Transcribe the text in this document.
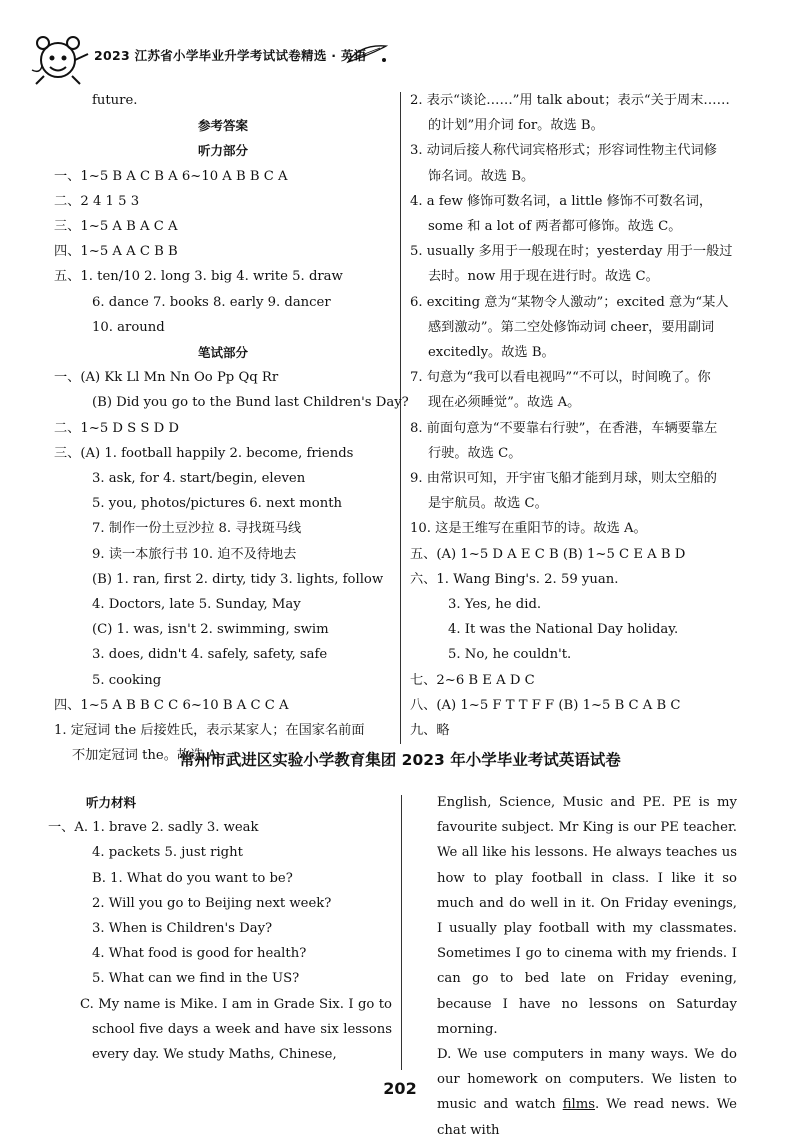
2023 江苏省小学毕业升学考试试卷精选 · 英语
future.
参考答案
听力部分
一、1~5 B A C B A 6~10 A B B C A
二、2 4 1 5 3
三、1~5 A B A C A
四、1~5 A A C B B
五、1. ten/10 2. long 3. big 4. write 5. draw
6. dance 7. books 8. early 9. dancer
10. around
笔试部分
一、(A) Kk Ll Mn Nn Oo Pp Qq Rr
(B) Did you go to the Bund last Children's Day?
二、1~5 D S S D D
三、(A) 1. football happily 2. become, friends
3. ask, for 4. start/begin, eleven
5. you, photos/pictures 6. next month
7. 制作一份土豆沙拉 8. 寻找斑马线
9. 读一本旅行书 10. 迫不及待地去
(B) 1. ran, first 2. dirty, tidy 3. lights, follow
4. Doctors, late 5. Sunday, May
(C) 1. was, isn't 2. swimming, swim
3. does, didn't 4. safely, safety, safe
5. cooking
四、1~5 A B B C C 6~10 B A C C A
1. 定冠词 the 后接姓氏，表示某家人；在国家名前面
不加定冠词 the。故选 A。
2. 表示“谈论……”用 talk about；表示“关于周末……
的计划”用介词 for。故选 B。
3. 动词后接人称代词宾格形式；形容词性物主代词修
饰名词。故选 B。
4. a few 修饰可数名词，a little 修饰不可数名词，
some 和 a lot of 两者都可修饰。故选 C。
5. usually 多用于一般现在时；yesterday 用于一般过
去时。now 用于现在进行时。故选 C。
6. exciting 意为“某物令人激动”；excited 意为“某人
感到激动”。第二空处修饰动词 cheer，要用副词
excitedly。故选 B。
7. 句意为“我可以看电视吗”“不可以，时间晚了。你
现在必须睡觉”。故选 A。
8. 前面句意为“不要靠右行驶”，在香港，车辆要靠左
行驶。故选 C。
9. 由常识可知，开宇宙飞船才能到月球，则太空船的
是宇航员。故选 C。
10. 这是王维写在重阳节的诗。故选 A。
五、(A) 1~5 D A E C B (B) 1~5 C E A B D
六、1. Wang Bing's. 2. 59 yuan.
3. Yes, he did.
4. It was the National Day holiday.
5. No, he couldn't.
七、2~6 B E A D C
八、(A) 1~5 F T T F F (B) 1~5 B C A B C
九、略
常州市武进区实验小学教育集团 2023 年小学毕业考试英语试卷
听力材料
一、A. 1. brave 2. sadly 3. weak
4. packets 5. just right
B. 1. What do you want to be?
2. Will you go to Beijing next week?
3. When is Children's Day?
4. What food is good for health?
5. What can we find in the US?
C. My name is Mike. I am in Grade Six. I go to school five days a week and have six lessons every day. We study Maths, Chinese,
English, Science, Music and PE. PE is my favourite subject. Mr King is our PE teacher. We all like his lessons. He always teaches us how to play football in class. I like it so much and do well in it. On Friday evenings, I usually play football with my classmates. Sometimes I go to cinema with my friends. I can go to bed late on Friday evening, because I have no lessons on Saturday morning.
D. We use computers in many ways. We do our homework on computers. We listen to music and watch films. We read news. We chat with
202
